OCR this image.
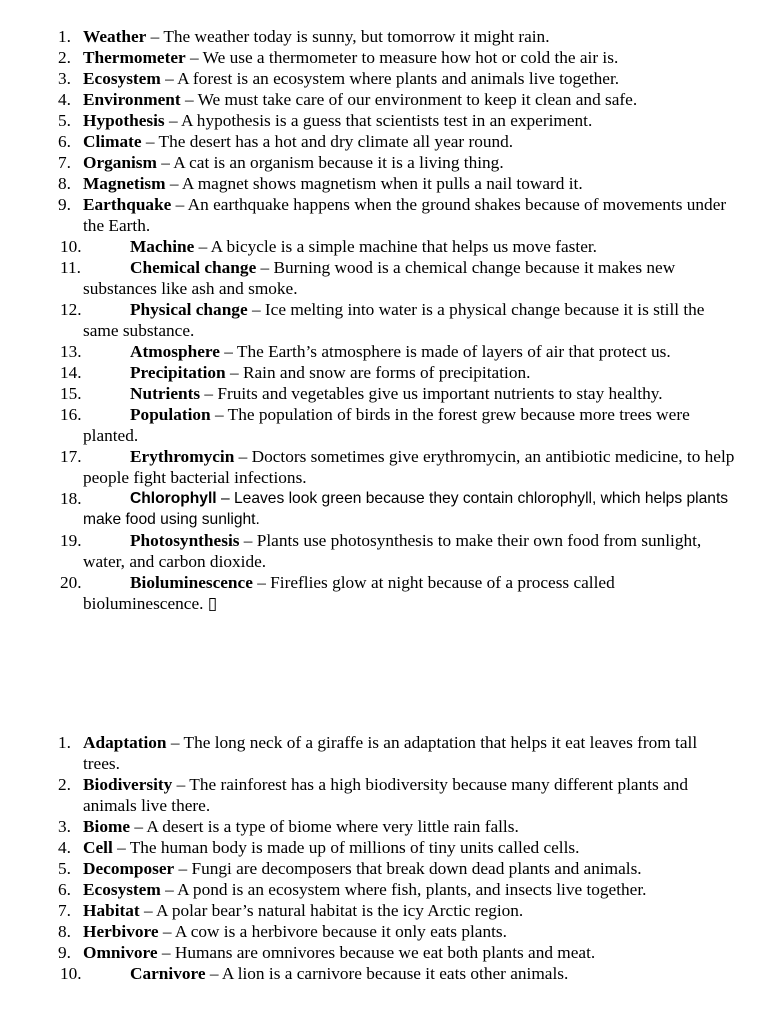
1. Weather – The weather today is sunny, but tomorrow it might rain.
2. Thermometer – We use a thermometer to measure how hot or cold the air is.
3. Ecosystem – A forest is an ecosystem where plants and animals live together.
4. Environment – We must take care of our environment to keep it clean and safe.
5. Hypothesis – A hypothesis is a guess that scientists test in an experiment.
6. Climate – The desert has a hot and dry climate all year round.
7. Organism – A cat is an organism because it is a living thing.
8. Magnetism – A magnet shows magnetism when it pulls a nail toward it.
9. Earthquake – An earthquake happens when the ground shakes because of movements under the Earth.
10.	Machine – A bicycle is a simple machine that helps us move faster.
11.	Chemical change – Burning wood is a chemical change because it makes new substances like ash and smoke.
12.	Physical change – Ice melting into water is a physical change because it is still the same substance.
13.	Atmosphere – The Earth’s atmosphere is made of layers of air that protect us.
14.	Precipitation – Rain and snow are forms of precipitation.
15.	Nutrients – Fruits and vegetables give us important nutrients to stay healthy.
16.	Population – The population of birds in the forest grew because more trees were planted.
17.	Erythromycin – Doctors sometimes give erythromycin, an antibiotic medicine, to help people fight bacterial infections.
18.	Chlorophyll – Leaves look green because they contain chlorophyll, which helps plants make food using sunlight.
19.	Photosynthesis – Plants use photosynthesis to make their own food from sunlight, water, and carbon dioxide.
20.	Bioluminescence – Fireflies glow at night because of a process called bioluminescence. ▯
1. Adaptation – The long neck of a giraffe is an adaptation that helps it eat leaves from tall trees.
2. Biodiversity – The rainforest has a high biodiversity because many different plants and animals live there.
3. Biome – A desert is a type of biome where very little rain falls.
4. Cell – The human body is made up of millions of tiny units called cells.
5. Decomposer – Fungi are decomposers that break down dead plants and animals.
6. Ecosystem – A pond is an ecosystem where fish, plants, and insects live together.
7. Habitat – A polar bear’s natural habitat is the icy Arctic region.
8. Herbivore – A cow is a herbivore because it only eats plants.
9. Omnivore – Humans are omnivores because we eat both plants and meat.
10.	Carnivore – A lion is a carnivore because it eats other animals.
